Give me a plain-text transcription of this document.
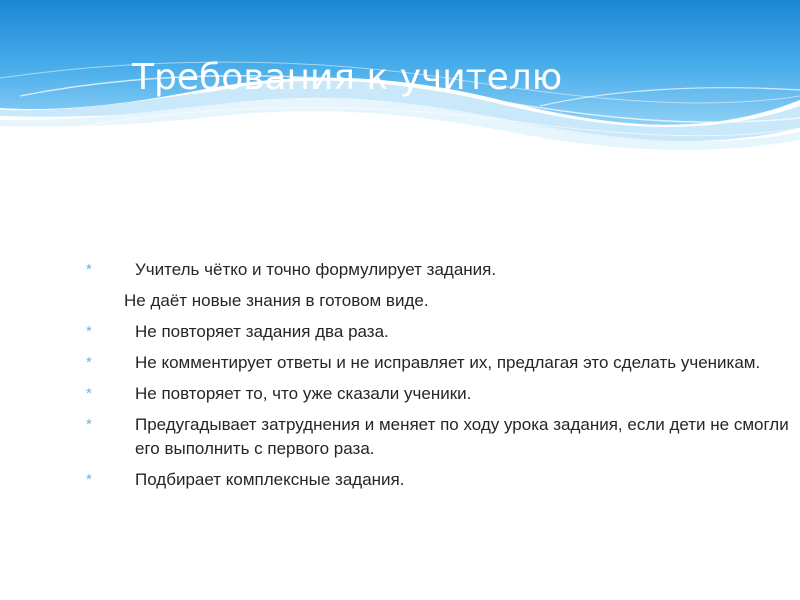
Требования к учителю
*	Учитель чётко и точно формулирует задания.
Не даёт новые знания в готовом виде.
*	Не повторяет задания два раза.
*	Не комментирует ответы и не исправляет их, предлагая это сделать ученикам.
*	Не повторяет то, что уже сказали ученики.
*	Предугадывает затруднения и меняет по ходу урока задания, если дети не смогли его выполнить с первого раза.
*	Подбирает комплексные задания.
